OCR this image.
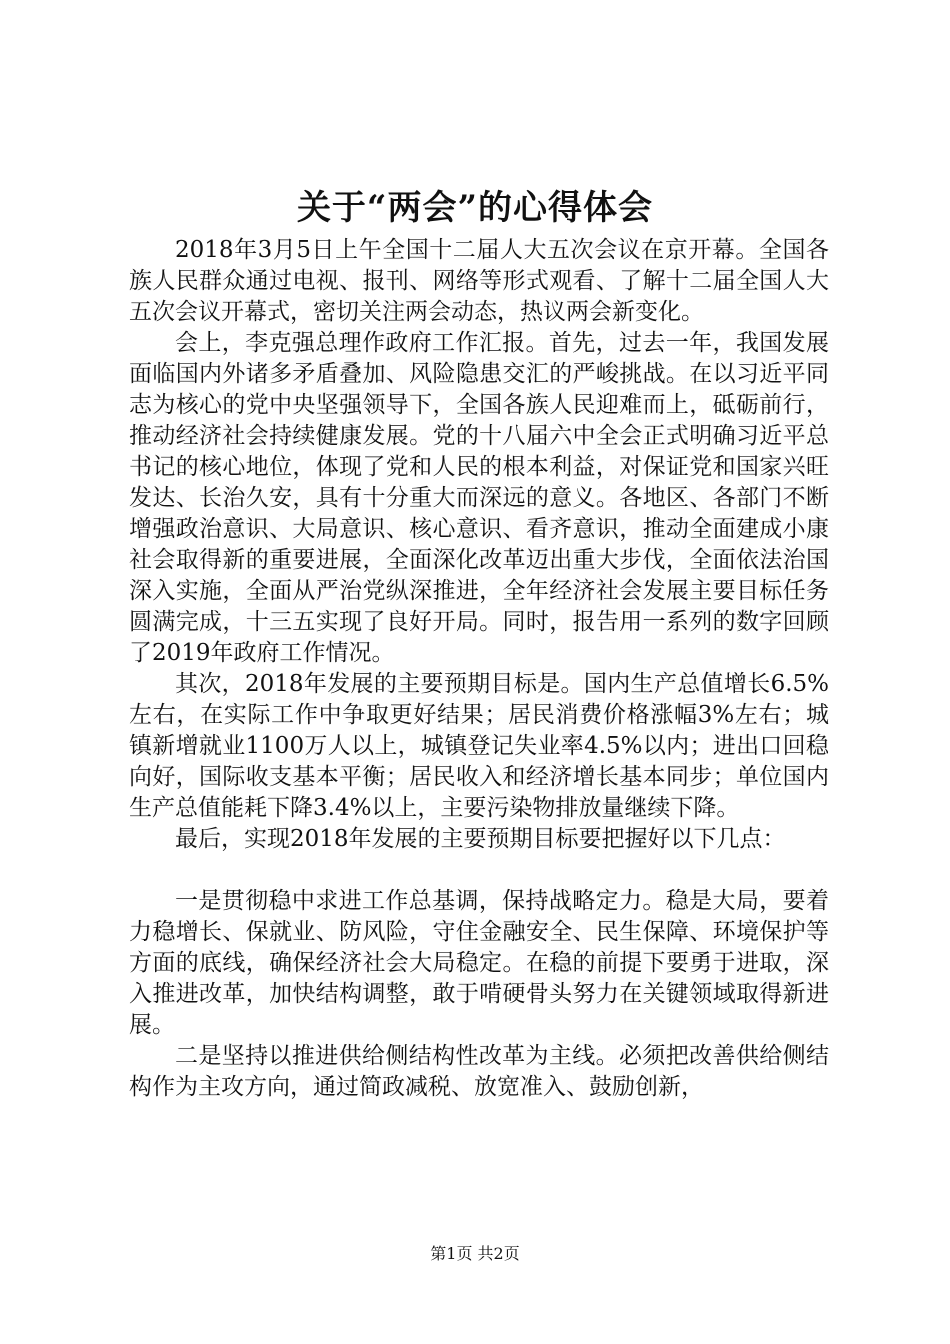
关于“两会”的心得体会

2018年3月5日上午全国十二届人大五次会议在京开幕。全国各族人民群众通过电视、报刊、网络等形式观看、了解十二届全国人大五次会议开幕式，密切关注两会动态，热议两会新变化。

会上，李克强总理作政府工作汇报。首先，过去一年，我国发展面临国内外诸多矛盾叠加、风险隐患交汇的严峻挑战。在以习近平同志为核心的党中央坚强领导下，全国各族人民迎难而上，砥砺前行，推动经济社会持续健康发展。党的十八届六中全会正式明确习近平总书记的核心地位，体现了党和人民的根本利益，对保证党和国家兴旺发达、长治久安，具有十分重大而深远的意义。各地区、各部门不断增强政治意识、大局意识、核心意识、看齐意识，推动全面建成小康社会取得新的重要进展，全面深化改革迈出重大步伐，全面依法治国深入实施，全面从严治党纵深推进，全年经济社会发展主要目标任务圆满完成，十三五实现了良好开局。同时，报告用一系列的数字回顾了2019年政府工作情况。

其次，2018年发展的主要预期目标是。国内生产总值增长6.5%左右，在实际工作中争取更好结果；居民消费价格涨幅3%左右；城镇新增就业1100万人以上，城镇登记失业率4.5%以内；进出口回稳向好，国际收支基本平衡；居民收入和经济增长基本同步；单位国内生产总值能耗下降3.4%以上，主要污染物排放量继续下降。

最后，实现2018年发展的主要预期目标要把握好以下几点：

一是贯彻稳中求进工作总基调，保持战略定力。稳是大局，要着力稳增长、保就业、防风险，守住金融安全、民生保障、环境保护等方面的底线，确保经济社会大局稳定。在稳的前提下要勇于进取，深入推进改革，加快结构调整，敢于啃硬骨头努力在关键领域取得新进展。

二是坚持以推进供给侧结构性改革为主线。必须把改善供给侧结构作为主攻方向，通过简政减税、放宽准入、鼓励创新，

第1页 共2页
